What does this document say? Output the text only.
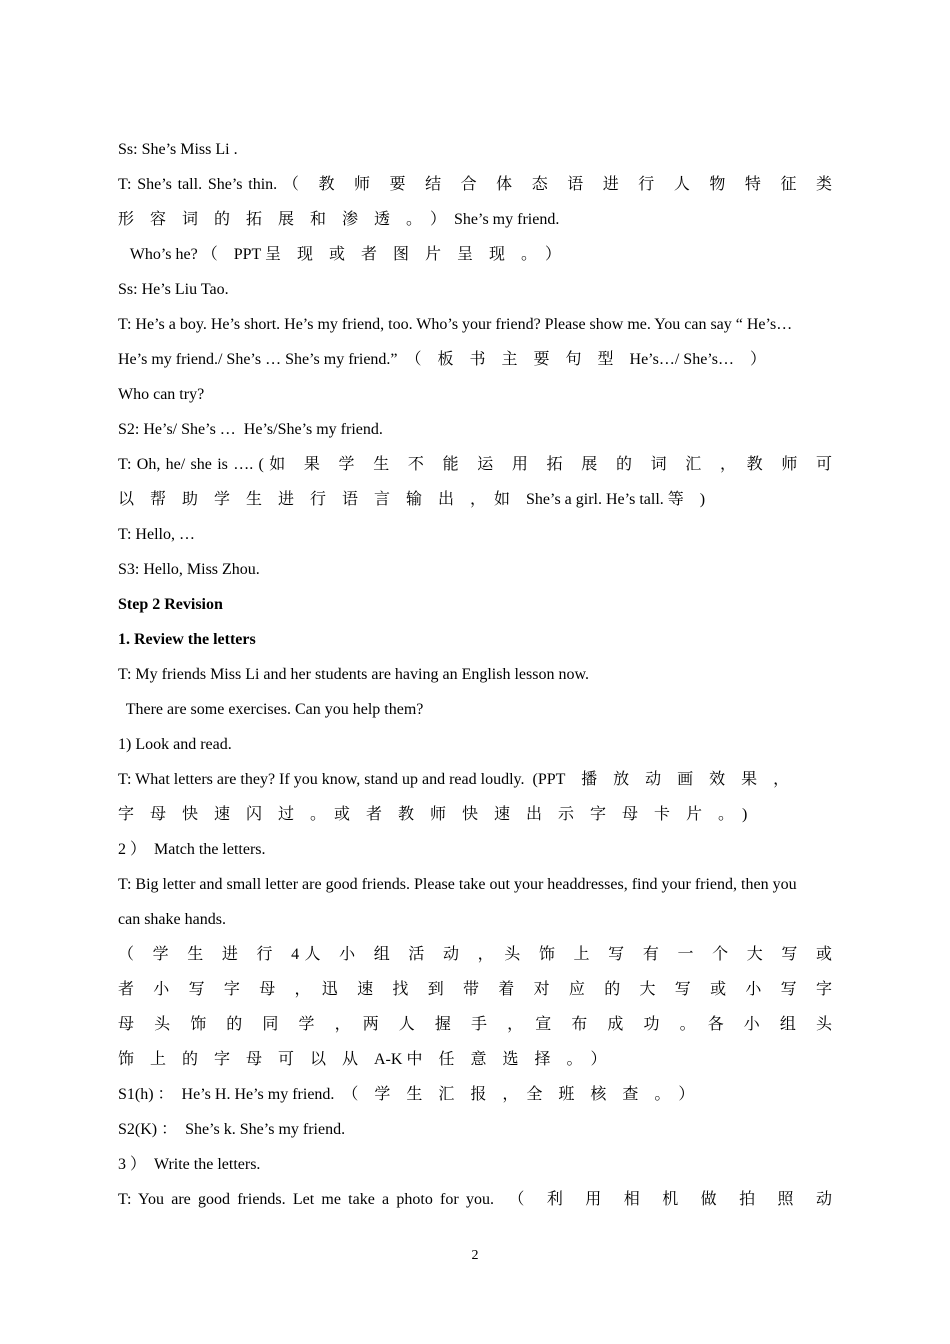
Ss: She’s Miss Li .
T: She’s tall. She’s thin. （　教　师　要　结　合　体　态　语　进　行　人　物　特　征　类
形　容　词　的　拓　展　和　渗　透　。　）　She’s my friend.
Who’s he? （　PPT 呈　现　或　者　图　片　呈　现　。　）
Ss: He’s Liu Tao.
T: He’s a boy. He’s short. He’s my friend, too. Who’s your friend? Please show me. You can say “ He’s…
He’s my friend./ She’s … She’s my friend.”　（　板　书　主　要　句　型　He’s…/ She’s…　）
Who can try?
S2: He’s/ She’s …  He’s/She’s my friend.
T: Oh, he/ she is …. ( 如　果　学　生　不　能　运　用　拓　展　的　词　汇　，　教　师　可
以　帮　助　学　生　进　行　语　言　输　出　，　如　She’s a girl. He’s tall. 等　)
T: Hello, …
S3: Hello, Miss Zhou.
Step 2 Revision
1. Review the letters
T: My friends Miss Li and her students are having an English lesson now.
There are some exercises. Can you help them?
1) Look and read.
T: What letters are they? If you know, stand up and read loudly.  (PPT　播　放　动　画　效　果　，
字　母　快　速　闪　过　。　或　者　教　师　快　速　出　示　字　母　卡　片　。　)
2 ）　Match the letters.
T: Big letter and small letter are good friends. Please take out your headdresses, find your friend, then you
can shake hands.
（　学　生　进　行　4 人　小　组　活　动　，　头　饰　上　写　有　一　个　大　写　或
者　小　写　字　母　，　迅　速　找　到　带　着　对　应　的　大　写　或　小　写　字
母　头　饰　的　同　学　，　两　人　握　手　，　宣　布　成　功　。　各　小　组　头
饰　上　的　字　母　可　以　从　A-K 中　任　意　选　择　。　）
S1(h) ：　He’s H. He’s my friend.　（　学　生　汇　报　，　全　班　核　查　。　）
S2(K) ：　She’s k. She’s my friend.
3 ）　Write the letters.
T: You are good friends. Let me take a photo for you.　（　利　用　相　机　做　拍　照　动
2
